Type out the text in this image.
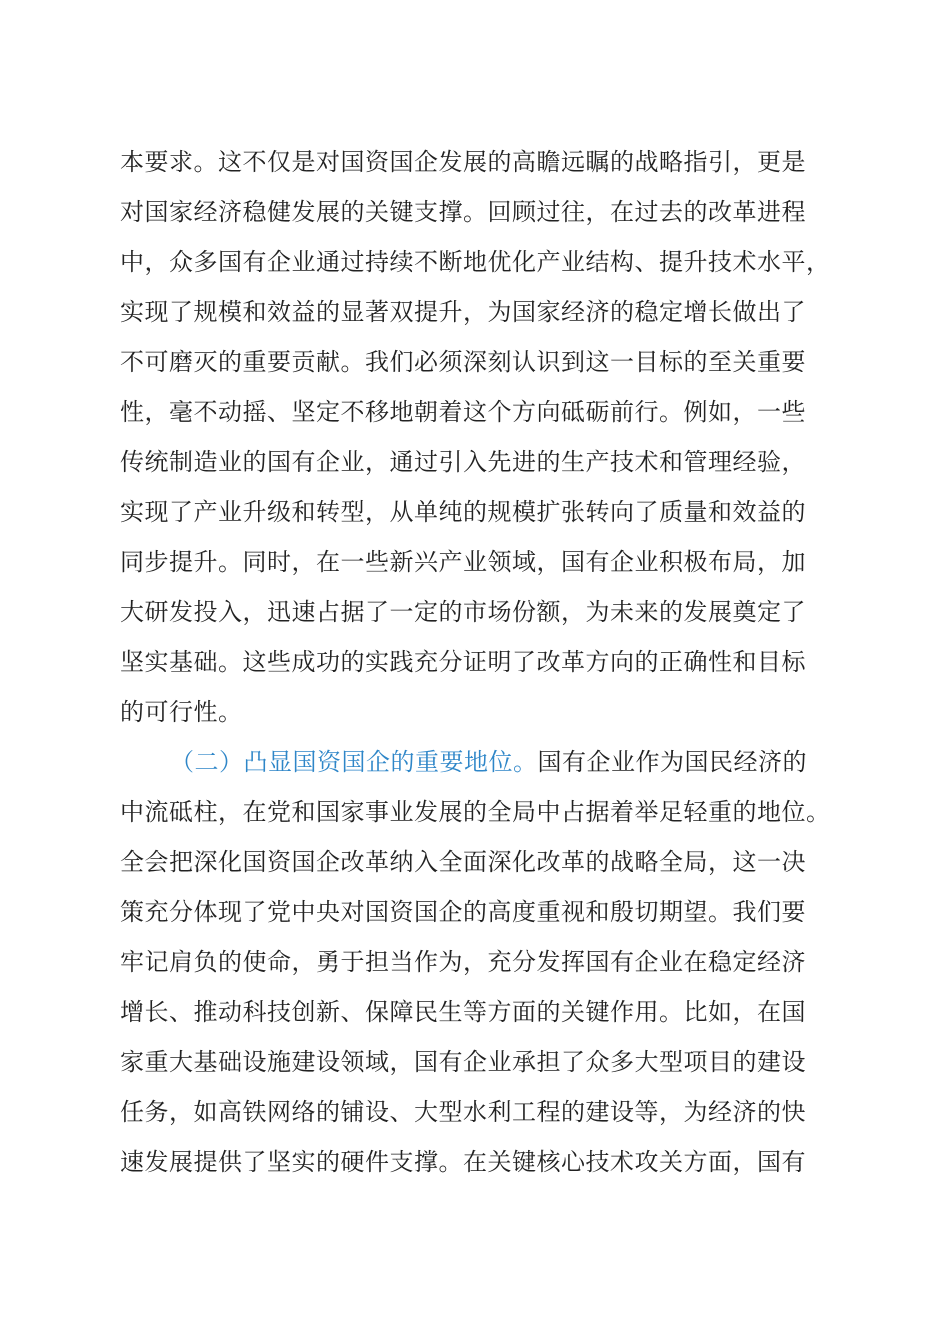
本要求。这不仅是对国资国企发展的高瞻远瞩的战略指引，更是
对国家经济稳健发展的关键支撑。回顾过往，在过去的改革进程
中，众多国有企业通过持续不断地优化产业结构、提升技术水平，
实现了规模和效益的显著双提升，为国家经济的稳定增长做出了
不可磨灭的重要贡献。我们必须深刻认识到这一目标的至关重要
性，毫不动摇、坚定不移地朝着这个方向砥砺前行。例如，一些
传统制造业的国有企业，通过引入先进的生产技术和管理经验，
实现了产业升级和转型，从单纯的规模扩张转向了质量和效益的
同步提升。同时，在一些新兴产业领域，国有企业积极布局，加
大研发投入，迅速占据了一定的市场份额，为未来的发展奠定了
坚实基础。这些成功的实践充分证明了改革方向的正确性和目标
的可行性。
（二）凸显国资国企的重要地位。国有企业作为国民经济的
中流砥柱，在党和国家事业发展的全局中占据着举足轻重的地位。
全会把深化国资国企改革纳入全面深化改革的战略全局，这一决
策充分体现了党中央对国资国企的高度重视和殷切期望。我们要
牢记肩负的使命，勇于担当作为，充分发挥国有企业在稳定经济
增长、推动科技创新、保障民生等方面的关键作用。比如，在国
家重大基础设施建设领域，国有企业承担了众多大型项目的建设
任务，如高铁网络的铺设、大型水利工程的建设等，为经济的快
速发展提供了坚实的硬件支撑。在关键核心技术攻关方面，国有
